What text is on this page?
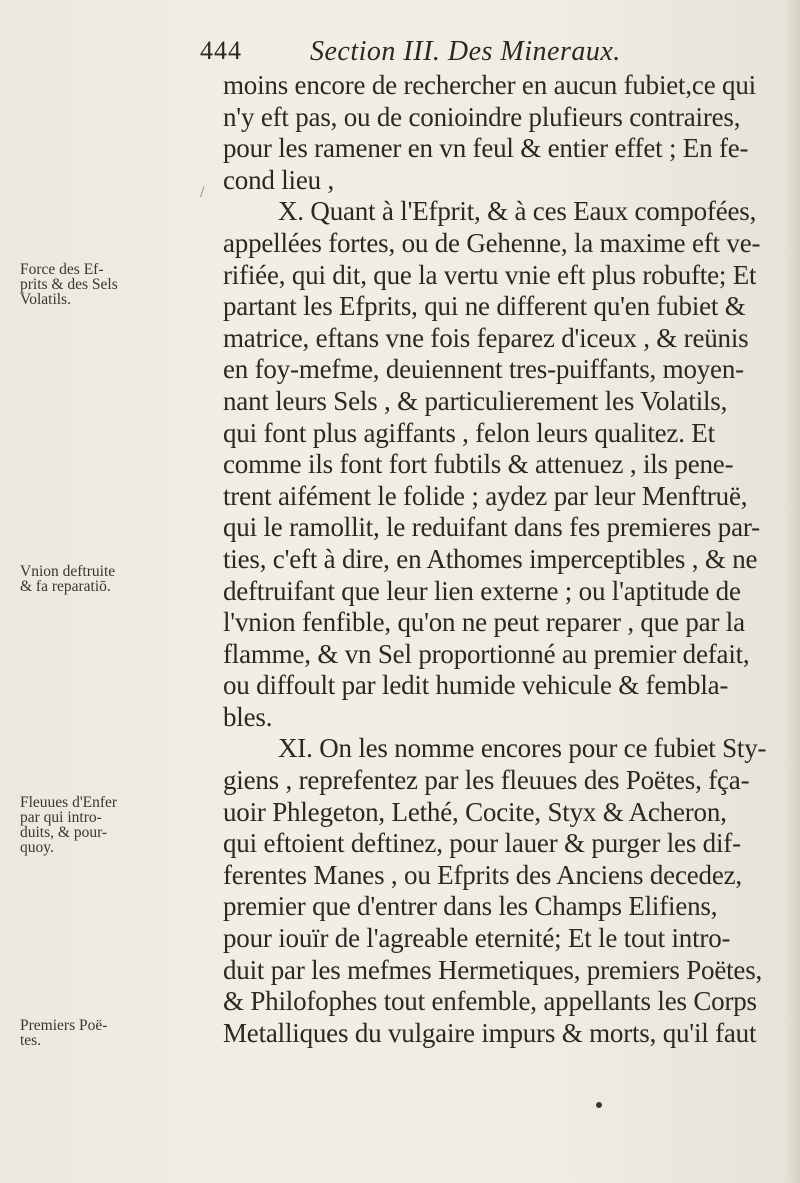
444 Section III. Des Mineraux.
/
moins encore de rechercher en aucun fubiet,ce qui
n'y eft pas, ou de conioindre plufieurs contraires,
pour les ramener en vn feul & entier effet ; En fe-
cond lieu ,
X. Quant à l'Efprit, & à ces Eaux compofées,
appellées fortes, ou de Gehenne, la maxime eft ve-
rifiée, qui dit, que la vertu vnie eft plus robufte; Et
partant les Efprits, qui ne different qu'en fubiet &
matrice, eftans vne fois feparez d'iceux , & reünis
en foy-mefme, deuiennent tres-puiffants, moyen-
nant leurs Sels , & particulierement les Volatils,
qui font plus agiffants , felon leurs qualitez. Et
comme ils font fort fubtils & attenuez , ils pene-
trent aifément le folide ; aydez par leur Menftruë,
qui le ramollit, le reduifant dans fes premieres par-
ties, c'eft à dire, en Athomes imperceptibles , & ne
deftruifant que leur lien externe ; ou l'aptitude de
l'vnion fenfible, qu'on ne peut reparer , que par la
flamme, & vn Sel proportionné au premier defait,
ou diffoult par ledit humide vehicule & fembla-
bles.
XI. On les nomme encores pour ce fubiet Sty-
giens , reprefentez par les fleuues des Poëtes, fça-
uoir Phlegeton, Lethé, Cocite, Styx & Acheron,
qui eftoient deftinez, pour lauer & purger les dif-
ferentes Manes , ou Efprits des Anciens decedez,
premier que d'entrer dans les Champs Elifiens,
pour iouïr de l'agreable eternité; Et le tout intro-
duit par les mefmes Hermetiques, premiers Poëtes,
& Philofophes tout enfemble, appellants les Corps
Metalliques du vulgaire impurs & morts, qu'il faut
Force des Ef-
prits & des Sels
Volatils.
Vnion deftruite
& fa reparatiō.
Fleuues d'Enfer
par qui intro-
duits, & pour-
quoy.
Premiers Poë-
tes.
